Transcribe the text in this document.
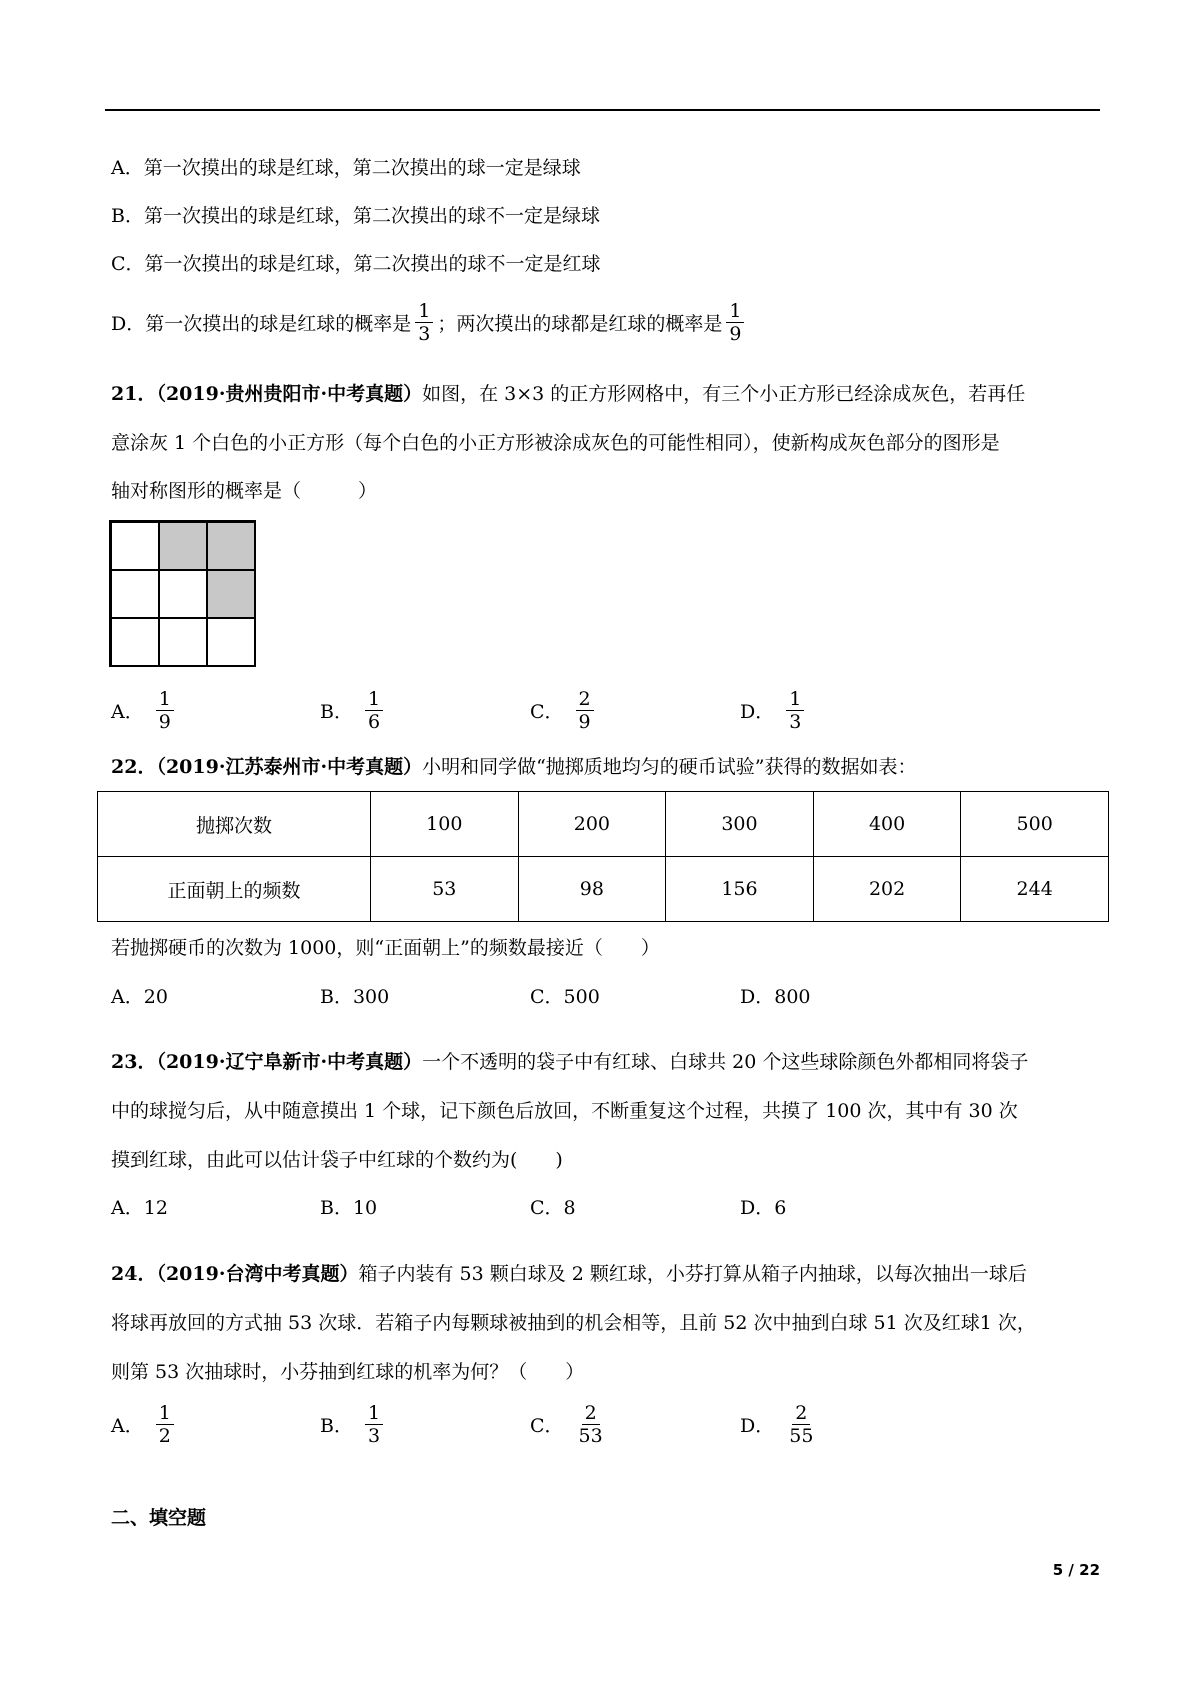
A．第一次摸出的球是红球，第二次摸出的球一定是绿球
B．第一次摸出的球是红球，第二次摸出的球不一定是绿球
C．第一次摸出的球是红球，第二次摸出的球不一定是红球
D． 第一次摸出的球是红球的概率是 $\frac{1}{3}$ ；两次摸出的球都是红球的概率是 $\frac{1}{9}$
21．（2019·贵州贵阳市·中考真题）如图，在 3×3 的正方形网格中，有三个小正方形已经涂成灰色，若再任
意涂灰 1 个白色的小正方形（每个白色的小正方形被涂成灰色的可能性相同），使新构成灰色部分的图形是
轴对称图形的概率是（　　　）
A． $\frac{1}{9}$	B． $\frac{1}{6}$	C． $\frac{2}{9}$	D． $\frac{1}{3}$
22．（2019·江苏泰州市·中考真题）小明和同学做“抛掷质地均匀的硬币试验”获得的数据如表：
抛掷次数	100	200	300	400	500
正面朝上的频数	53	98	156	202	244
若抛掷硬币的次数为 1000，则“正面朝上”的频数最接近（　　）
A．20	B．300	C．500	D．800
23．（2019·辽宁阜新市·中考真题）一个不透明的袋子中有红球、白球共 20 个这些球除颜色外都相同将袋子
中的球搅匀后，从中随意摸出 1 个球，记下颜色后放回，不断重复这个过程，共摸了 100 次，其中有 30 次
摸到红球，由此可以估计袋子中红球的个数约为(　　)
A．12	B．10	C．8	D．6
24．（2019·台湾中考真题）箱子内装有 53 颗白球及 2 颗红球，小芬打算从箱子内抽球，以每次抽出一球后
将球再放回的方式抽 53 次球．若箱子内每颗球被抽到的机会相等，且前 52 次中抽到白球 51 次及红球1 次，
则第 53 次抽球时，小芬抽到红球的机率为何？（　　）
A． $\frac{1}{2}$	B． $\frac{1}{3}$	C． $\frac{2}{53}$	D． $\frac{2}{55}$
二、填空题
5 / 22
